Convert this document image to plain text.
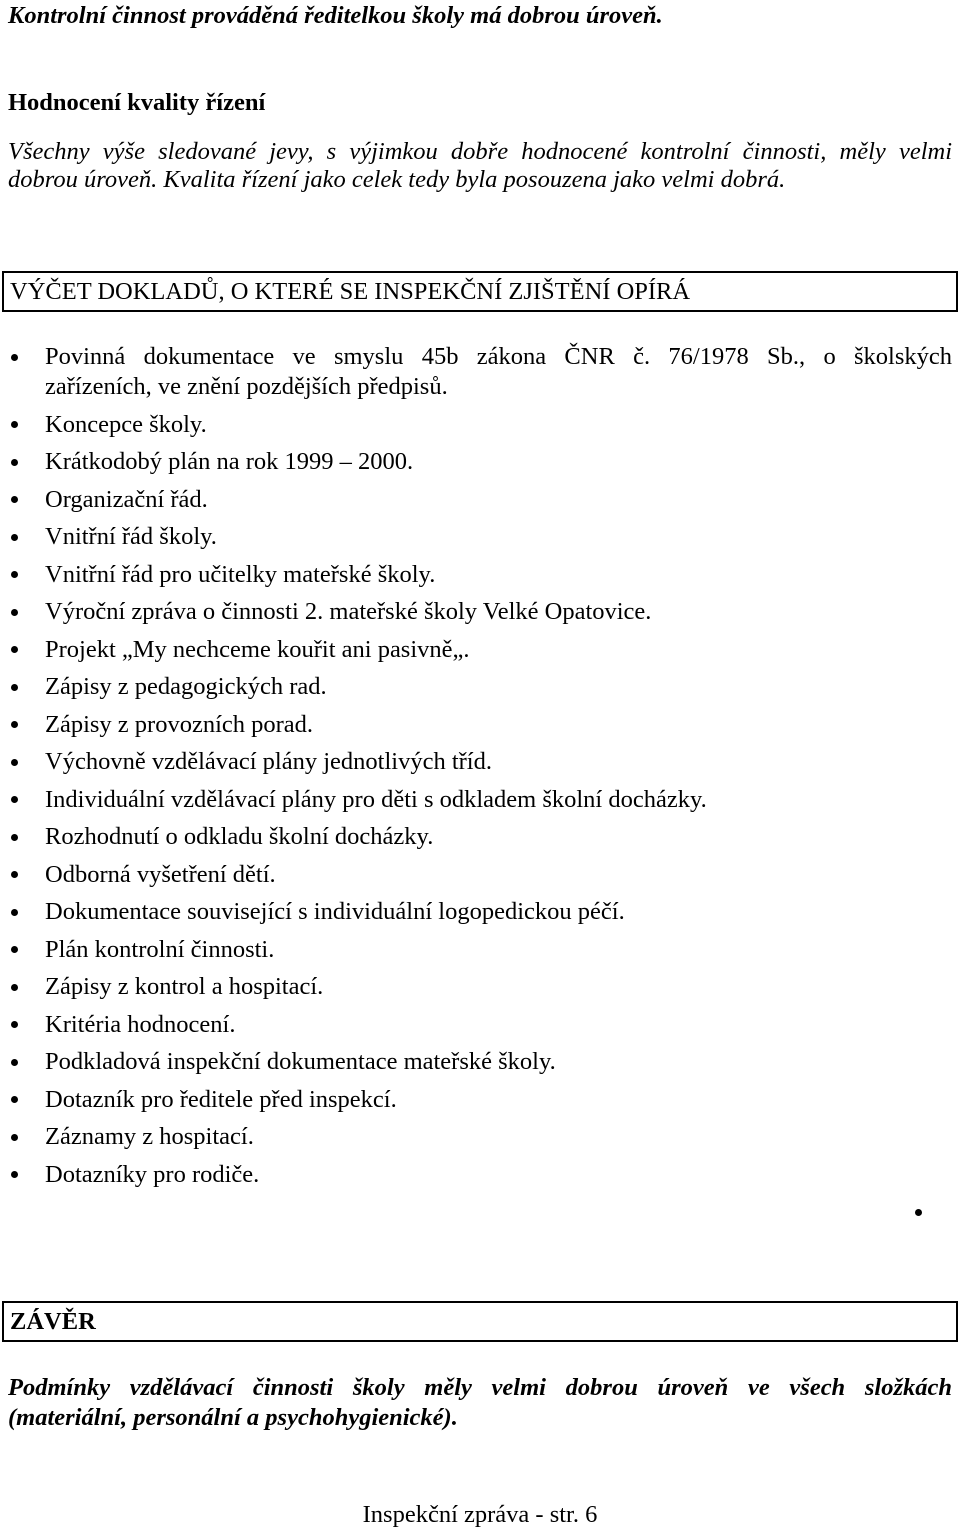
Kontrolní činnost prováděná ředitelkou školy má dobrou úroveň.
Hodnocení kvality řízení
Všechny výše sledované jevy, s výjimkou dobře hodnocené kontrolní činnosti, měly velmi
dobrou úroveň. Kvalita řízení jako celek tedy byla posouzena jako velmi dobrá.
VÝČET DOKLADŮ, O KTERÉ SE INSPEKČNÍ ZJIŠTĚNÍ OPÍRÁ
Povinná dokumentace ve smyslu 45b zákona ČNR č. 76/1978 Sb., o školských
zařízeních, ve znění pozdějších předpisů.
Koncepce školy.
Krátkodobý plán na rok 1999 – 2000.
Organizační řád.
Vnitřní řád školy.
Vnitřní řád pro učitelky mateřské školy.
Výroční zpráva o činnosti 2. mateřské školy Velké Opatovice.
Projekt „My nechceme kouřit ani pasivně„.
Zápisy z pedagogických rad.
Zápisy z provozních porad.
Výchovně vzdělávací plány jednotlivých tříd.
Individuální vzdělávací plány pro děti s odkladem školní docházky.
Rozhodnutí o odkladu školní docházky.
Odborná vyšetření dětí.
Dokumentace související s individuální logopedickou péčí.
Plán kontrolní činnosti.
Zápisy z kontrol a hospitací.
Kritéria hodnocení.
Podkladová inspekční dokumentace mateřské školy.
Dotazník pro ředitele před inspekcí.
Záznamy z hospitací.
Dotazníky pro rodiče.
ZÁVĚR
Podmínky vzdělávací činnosti školy měly velmi dobrou úroveň ve všech složkách
(materiální, personální a psychohygienické).
Inspekční zpráva - str. 6
